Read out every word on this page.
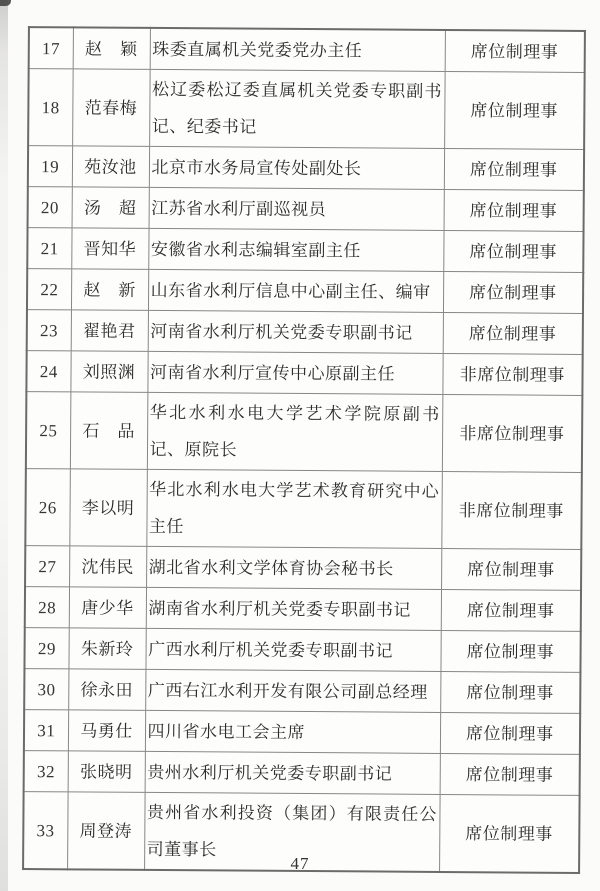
17	赵　颖	珠委直属机关党委党办主任	席位制理事
18	范春梅	松辽委松辽委直属机关党委专职副书记、纪委书记	席位制理事
19	苑汝池	北京市水务局宣传处副处长	席位制理事
20	汤　超	江苏省水利厅副巡视员	席位制理事
21	晋知华	安徽省水利志编辑室副主任	席位制理事
22	赵　新	山东省水利厅信息中心副主任、编审	席位制理事
23	翟艳君	河南省水利厅机关党委专职副书记	席位制理事
24	刘照渊	河南省水利厅宣传中心原副主任	非席位制理事
25	石　品	华北水利水电大学艺术学院原副书记、原院长	非席位制理事
26	李以明	华北水利水电大学艺术教育研究中心主任	非席位制理事
27	沈伟民	湖北省水利文学体育协会秘书长	席位制理事
28	唐少华	湖南省水利厅机关党委专职副书记	席位制理事
29	朱新玲	广西水利厅机关党委专职副书记	席位制理事
30	徐永田	广西右江水利开发有限公司副总经理	席位制理事
31	马勇仕	四川省水电工会主席	席位制理事
32	张晓明	贵州水利厅机关党委专职副书记	席位制理事
33	周登涛	贵州省水利投资（集团）有限责任公司董事长	席位制理事
47
